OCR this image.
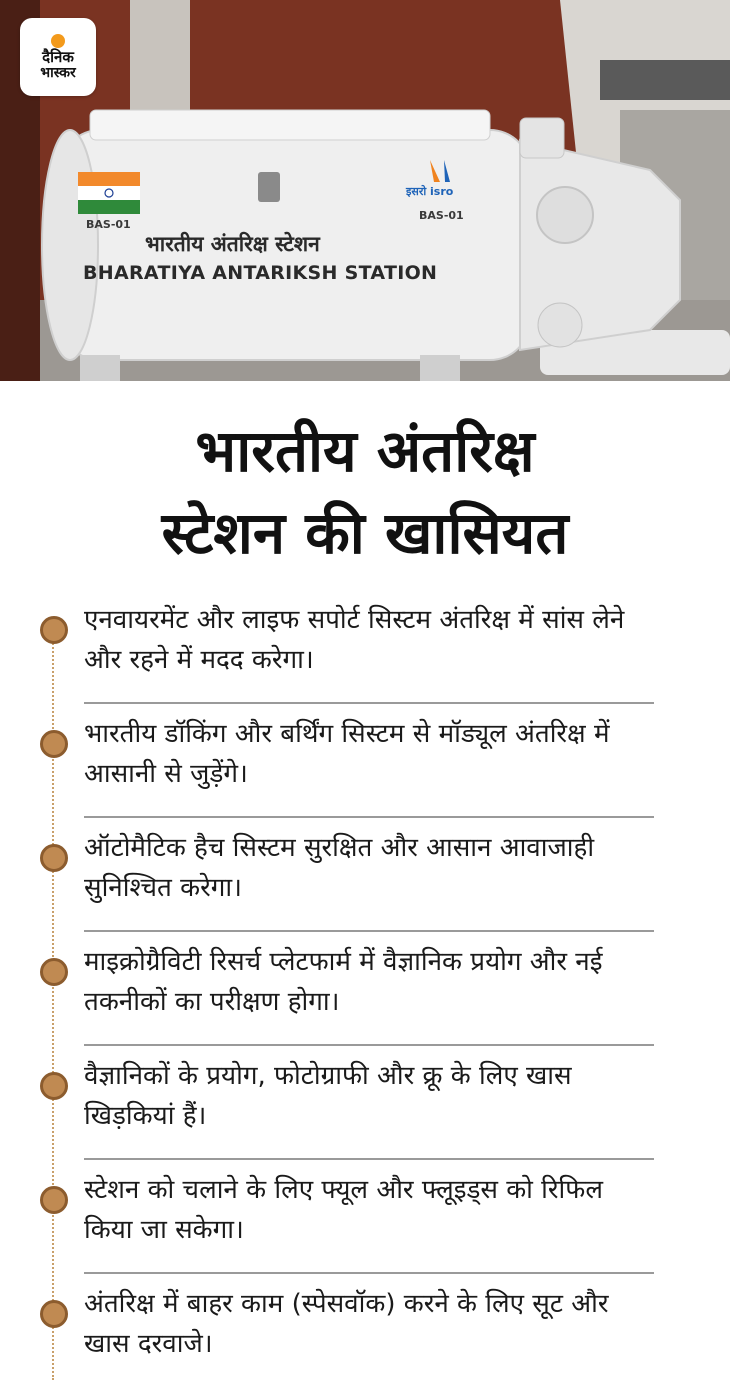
दैनिक
भास्कर
BAS-01
इसरो isro
BAS-01
भारतीय अंतरिक्ष स्टेशन
BHARATIYA ANTARIKSH STATION
भारतीय अंतरिक्ष
स्टेशन की खासियत
एनवायरमेंट और लाइफ सपोर्ट सिस्टम अंतरिक्ष में सांस लेने और रहने में मदद करेगा।
भारतीय डॉकिंग और बर्थिंग सिस्टम से मॉड्यूल अंतरिक्ष में आसानी से जुड़ेंगे।
ऑटोमैटिक हैच सिस्टम सुरक्षित और आसान आवाजाही सुनिश्चित करेगा।
माइक्रोग्रैविटी रिसर्च प्लेटफार्म में वैज्ञानिक प्रयोग और नई तकनीकों का परीक्षण होगा।
वैज्ञानिकों के प्रयोग, फोटोग्राफी और क्रू के लिए खास खिड़कियां हैं।
स्टेशन को चलाने के लिए फ्यूल और फ्लूइड्स को रिफिल किया जा सकेगा।
अंतरिक्ष में बाहर काम (स्पेसवॉक) करने के लिए सूट और खास दरवाजे।
